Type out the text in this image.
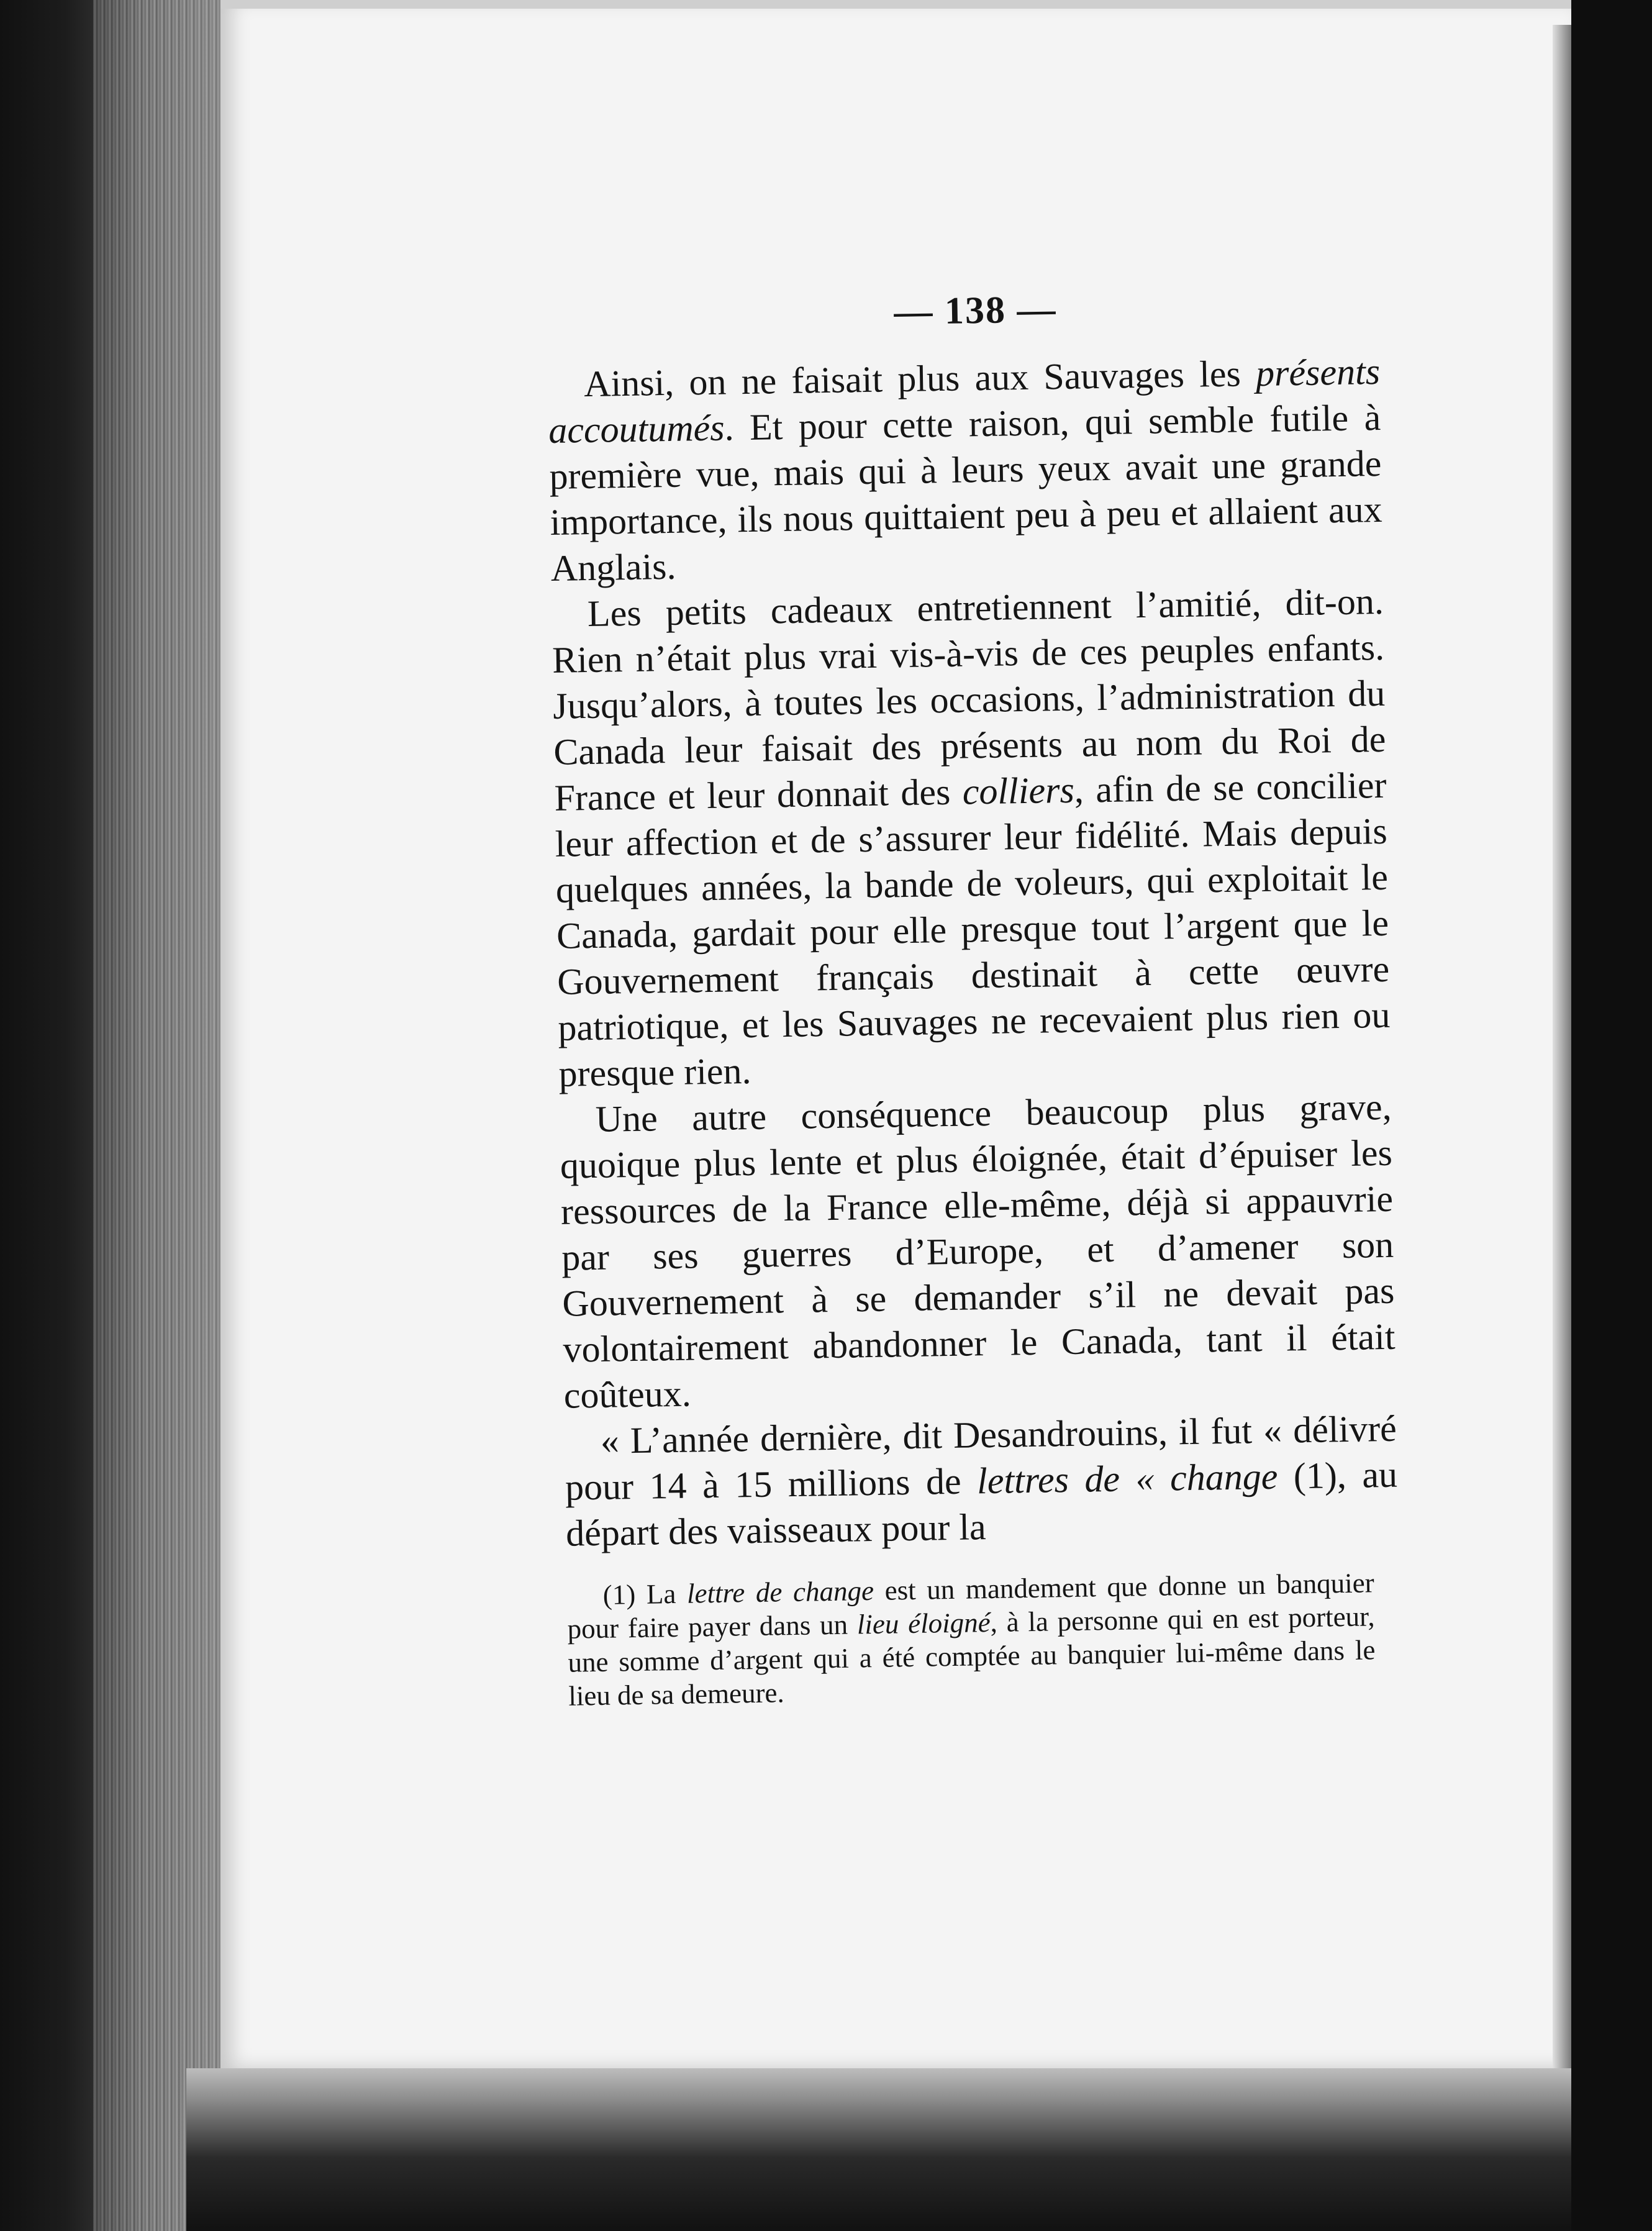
— 138 —

Ainsi, on ne faisait plus aux Sauvages les présents accoutumés. Et pour cette raison, qui semble futile à première vue, mais qui à leurs yeux avait une grande importance, ils nous quittaient peu à peu et allaient aux Anglais.

Les petits cadeaux entretiennent l’amitié, dit-on. Rien n’était plus vrai vis-à-vis de ces peuples enfants. Jusqu’alors, à toutes les occasions, l’administration du Canada leur faisait des présents au nom du Roi de France et leur donnait des colliers, afin de se concilier leur affection et de s’assurer leur fidélité. Mais depuis quelques années, la bande de voleurs, qui exploitait le Canada, gardait pour elle presque tout l’argent que le Gouvernement français destinait à cette œuvre patriotique, et les Sauvages ne recevaient plus rien ou presque rien.

Une autre conséquence beaucoup plus grave, quoique plus lente et plus éloignée, était d’épuiser les ressources de la France elle-même, déjà si appauvrie par ses guerres d’Europe, et d’amener son Gouvernement à se demander s’il ne devait pas volontairement abandonner le Canada, tant il était coûteux.

« L’année dernière, dit Desandrouins, il fut « délivré pour 14 à 15 millions de lettres de « change (1), au départ des vaisseaux pour la

(1) La lettre de change est un mandement que donne un banquier pour faire payer dans un lieu éloigné, à la personne qui en est porteur, une somme d’argent qui a été comptée au banquier lui-même dans le lieu de sa demeure.
